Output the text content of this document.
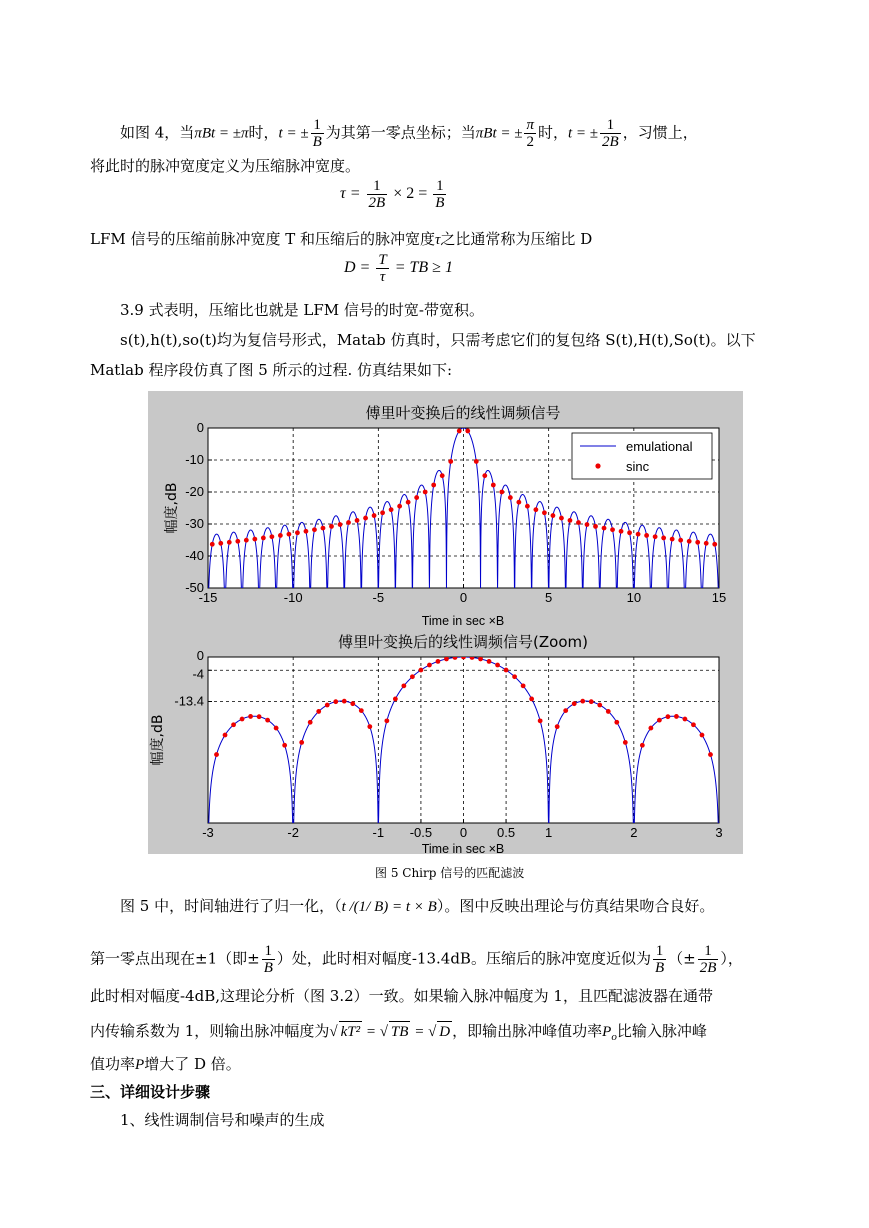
如图 4，当πBt = ±π时，t = ± $\frac{1}{B}$ 为其第一零点坐标；当πBt = ± $\frac{\pi}{2}$ 时，t = ± $\frac{1}{2B}$ ，习惯上，
将此时的脉冲宽度定义为压缩脉冲宽度。
$\tau = \frac{1}{2B} \times 2 = \frac{1}{B}$
LFM 信号的压缩前脉冲宽度 T 和压缩后的脉冲宽度τ之比通常称为压缩比 D
$D = \frac{T}{\tau}$ = TB ≥ 1
3.9 式表明，压缩比也就是 LFM 信号的时宽-带宽积。
s(t),h(t),so(t)均为复信号形式，Matab 仿真时，只需考虑它们的复包络 S(t),H(t),So(t)。以下
Matlab 程序段仿真了图 5 所示的过程. 仿真结果如下:
-15	-10	-5	0	5	10	15
0
-10
-20
-30
-40
-50
傅里叶变换后的线性调频信号
Time in sec ×B
幅度,dB
emulational
sinc
-3	-2	-1 -0.5 0 0.5 1	2	3
0
-4
-13.4
傅里叶变换后的线性调频信号(Zoom)
Time in sec ×B
幅度,dB
图 5 Chirp 信号的匹配滤波
图 5 中，时间轴进行了归一化，（t /(1/ B) = t × B）。图中反映出理论与仿真结果吻合良好。
第一零点出现在±1（即± $\frac{1}{B}$ ）处，此时相对幅度-13.4dB。压缩后的脉冲宽度近似为 $\frac{1}{B}$ （± $\frac{1}{2B}$ ），
此时相对幅度-4dB,这理论分析（图 3.2）一致。如果输入脉冲幅度为 1，且匹配滤波器在通带
内传输系数为 1，则输出脉冲幅度为√ kT² = √ TB = √ D ，即输出脉冲峰值功率$P_o$比输入脉冲峰
值功率P增大了 D 倍。
三、详细设计步骤
1、线性调制信号和噪声的生成
